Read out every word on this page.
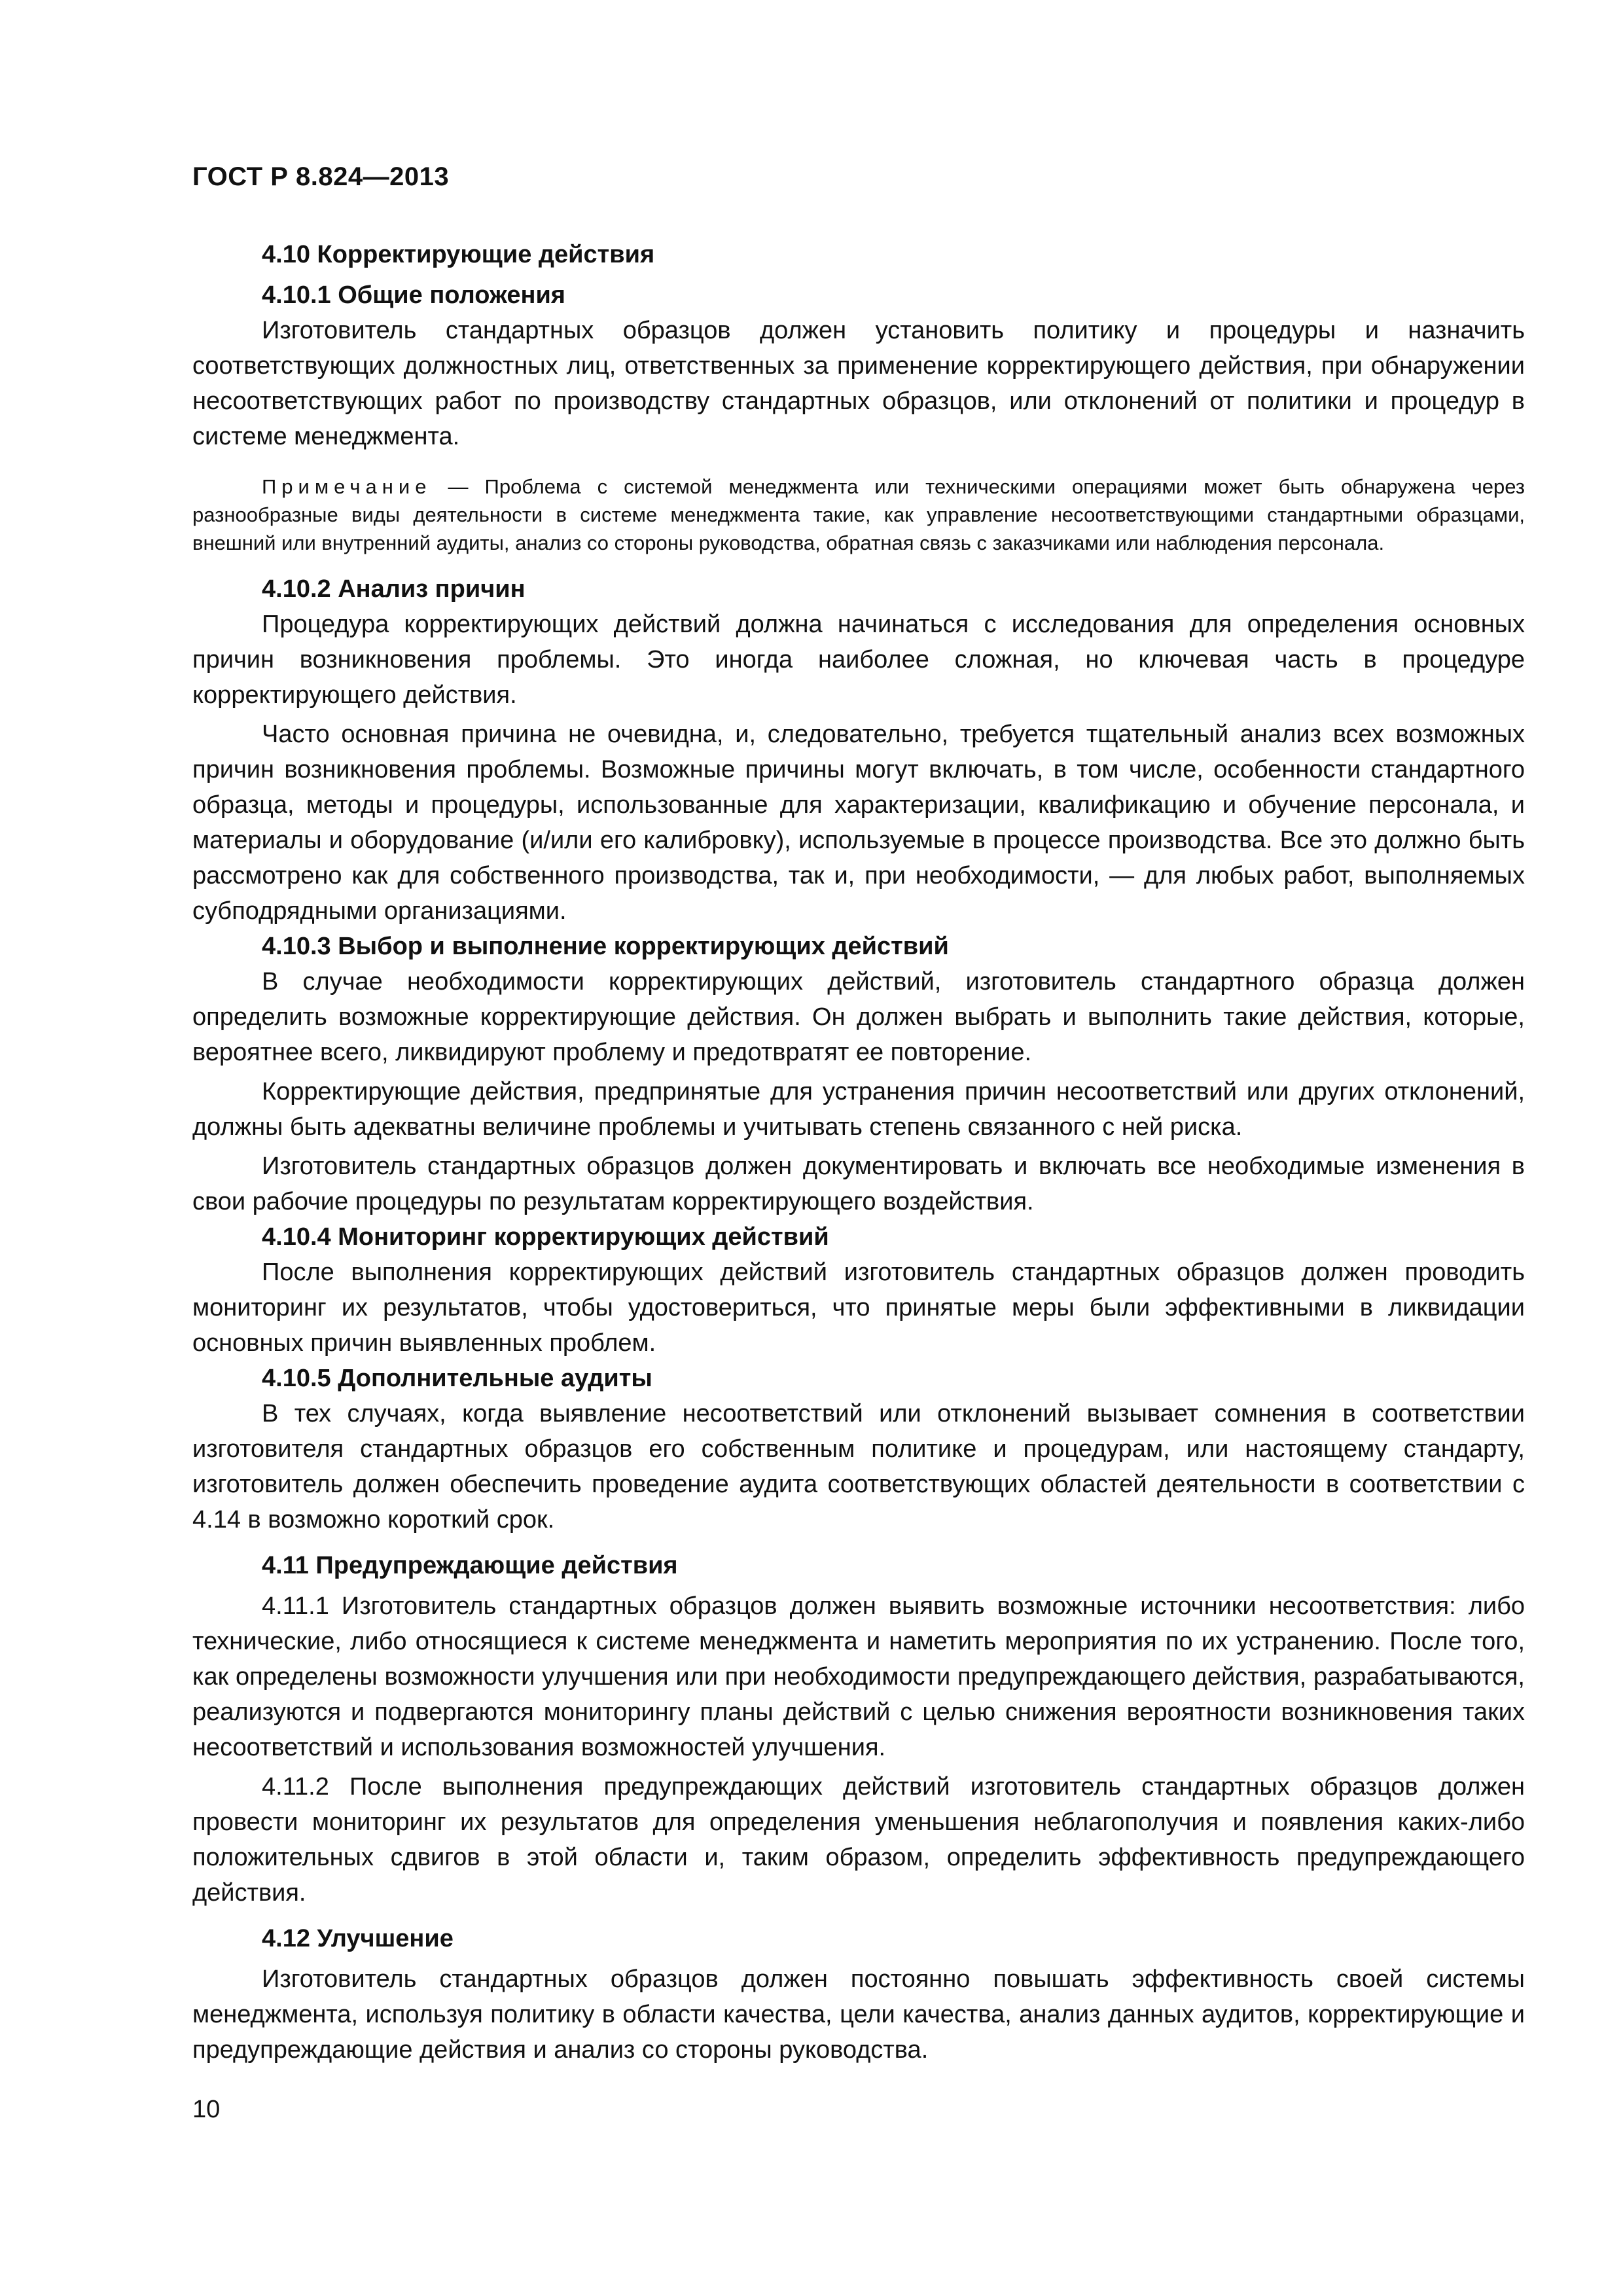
ГОСТ Р 8.824—2013
4.10 Корректирующие действия
4.10.1 Общие положения

Изготовитель стандартных образцов должен установить политику и процедуры и назначить соответствующих должностных лиц, ответственных за применение корректирующего действия, при обнаружении несоответствующих работ по производству стандартных образцов, или отклонений от политики и процедур в системе менеджмента.

Примечание — Проблема с системой менеджмента или техническими операциями может быть обнаружена через разнообразные виды деятельности в системе менеджмента такие, как управление несоответствующими стандартными образцами, внешний или внутренний аудиты, анализ со стороны руководства, обратная связь с заказчиками или наблюдения персонала.

4.10.2 Анализ причин

Процедура корректирующих действий должна начинаться с исследования для определения основных причин возникновения проблемы. Это иногда наиболее сложная, но ключевая часть в процедуре корректирующего действия.

Часто основная причина не очевидна, и, следовательно, требуется тщательный анализ всех возможных причин возникновения проблемы. Возможные причины могут включать, в том числе, особенности стандартного образца, методы и процедуры, использованные для характеризации, квалификацию и обучение персонала, и материалы и оборудование (и/или его калибровку), используемые в процессе производства. Все это должно быть рассмотрено как для собственного производства, так и, при необходимости, — для любых работ, выполняемых субподрядными организациями.

4.10.3 Выбор и выполнение корректирующих действий

В случае необходимости корректирующих действий, изготовитель стандартного образца должен определить возможные корректирующие действия. Он должен выбрать и выполнить такие действия, которые, вероятнее всего, ликвидируют проблему и предотвратят ее повторение.

Корректирующие действия, предпринятые для устранения причин несоответствий или других отклонений, должны быть адекватны величине проблемы и учитывать степень связанного с ней риска.

Изготовитель стандартных образцов должен документировать и включать все необходимые изменения в свои рабочие процедуры по результатам корректирующего воздействия.

4.10.4 Мониторинг корректирующих действий

После выполнения корректирующих действий изготовитель стандартных образцов должен проводить мониторинг их результатов, чтобы удостовериться, что принятые меры были эффективными в ликвидации основных причин выявленных проблем.

4.10.5 Дополнительные аудиты

В тех случаях, когда выявление несоответствий или отклонений вызывает сомнения в соответствии изготовителя стандартных образцов его собственным политике и процедурам, или настоящему стандарту, изготовитель должен обеспечить проведение аудита соответствующих областей деятельности в соответствии с 4.14 в возможно короткий срок.

4.11 Предупреждающие действия

4.11.1 Изготовитель стандартных образцов должен выявить возможные источники несоответствия: либо технические, либо относящиеся к системе менеджмента и наметить мероприятия по их устранению. После того, как определены возможности улучшения или при необходимости предупреждающего действия, разрабатываются, реализуются и подвергаются мониторингу планы действий с целью снижения вероятности возникновения таких несоответствий и использования возможностей улучшения.

4.11.2 После выполнения предупреждающих действий изготовитель стандартных образцов должен провести мониторинг их результатов для определения уменьшения неблагополучия и появления каких-либо положительных сдвигов в этой области и, таким образом, определить эффективность предупреждающего действия.

4.12 Улучшение

Изготовитель стандартных образцов должен постоянно повышать эффективность своей системы менеджмента, используя политику в области качества, цели качества, анализ данных аудитов, корректирующие и предупреждающие действия и анализ со стороны руководства.

10
